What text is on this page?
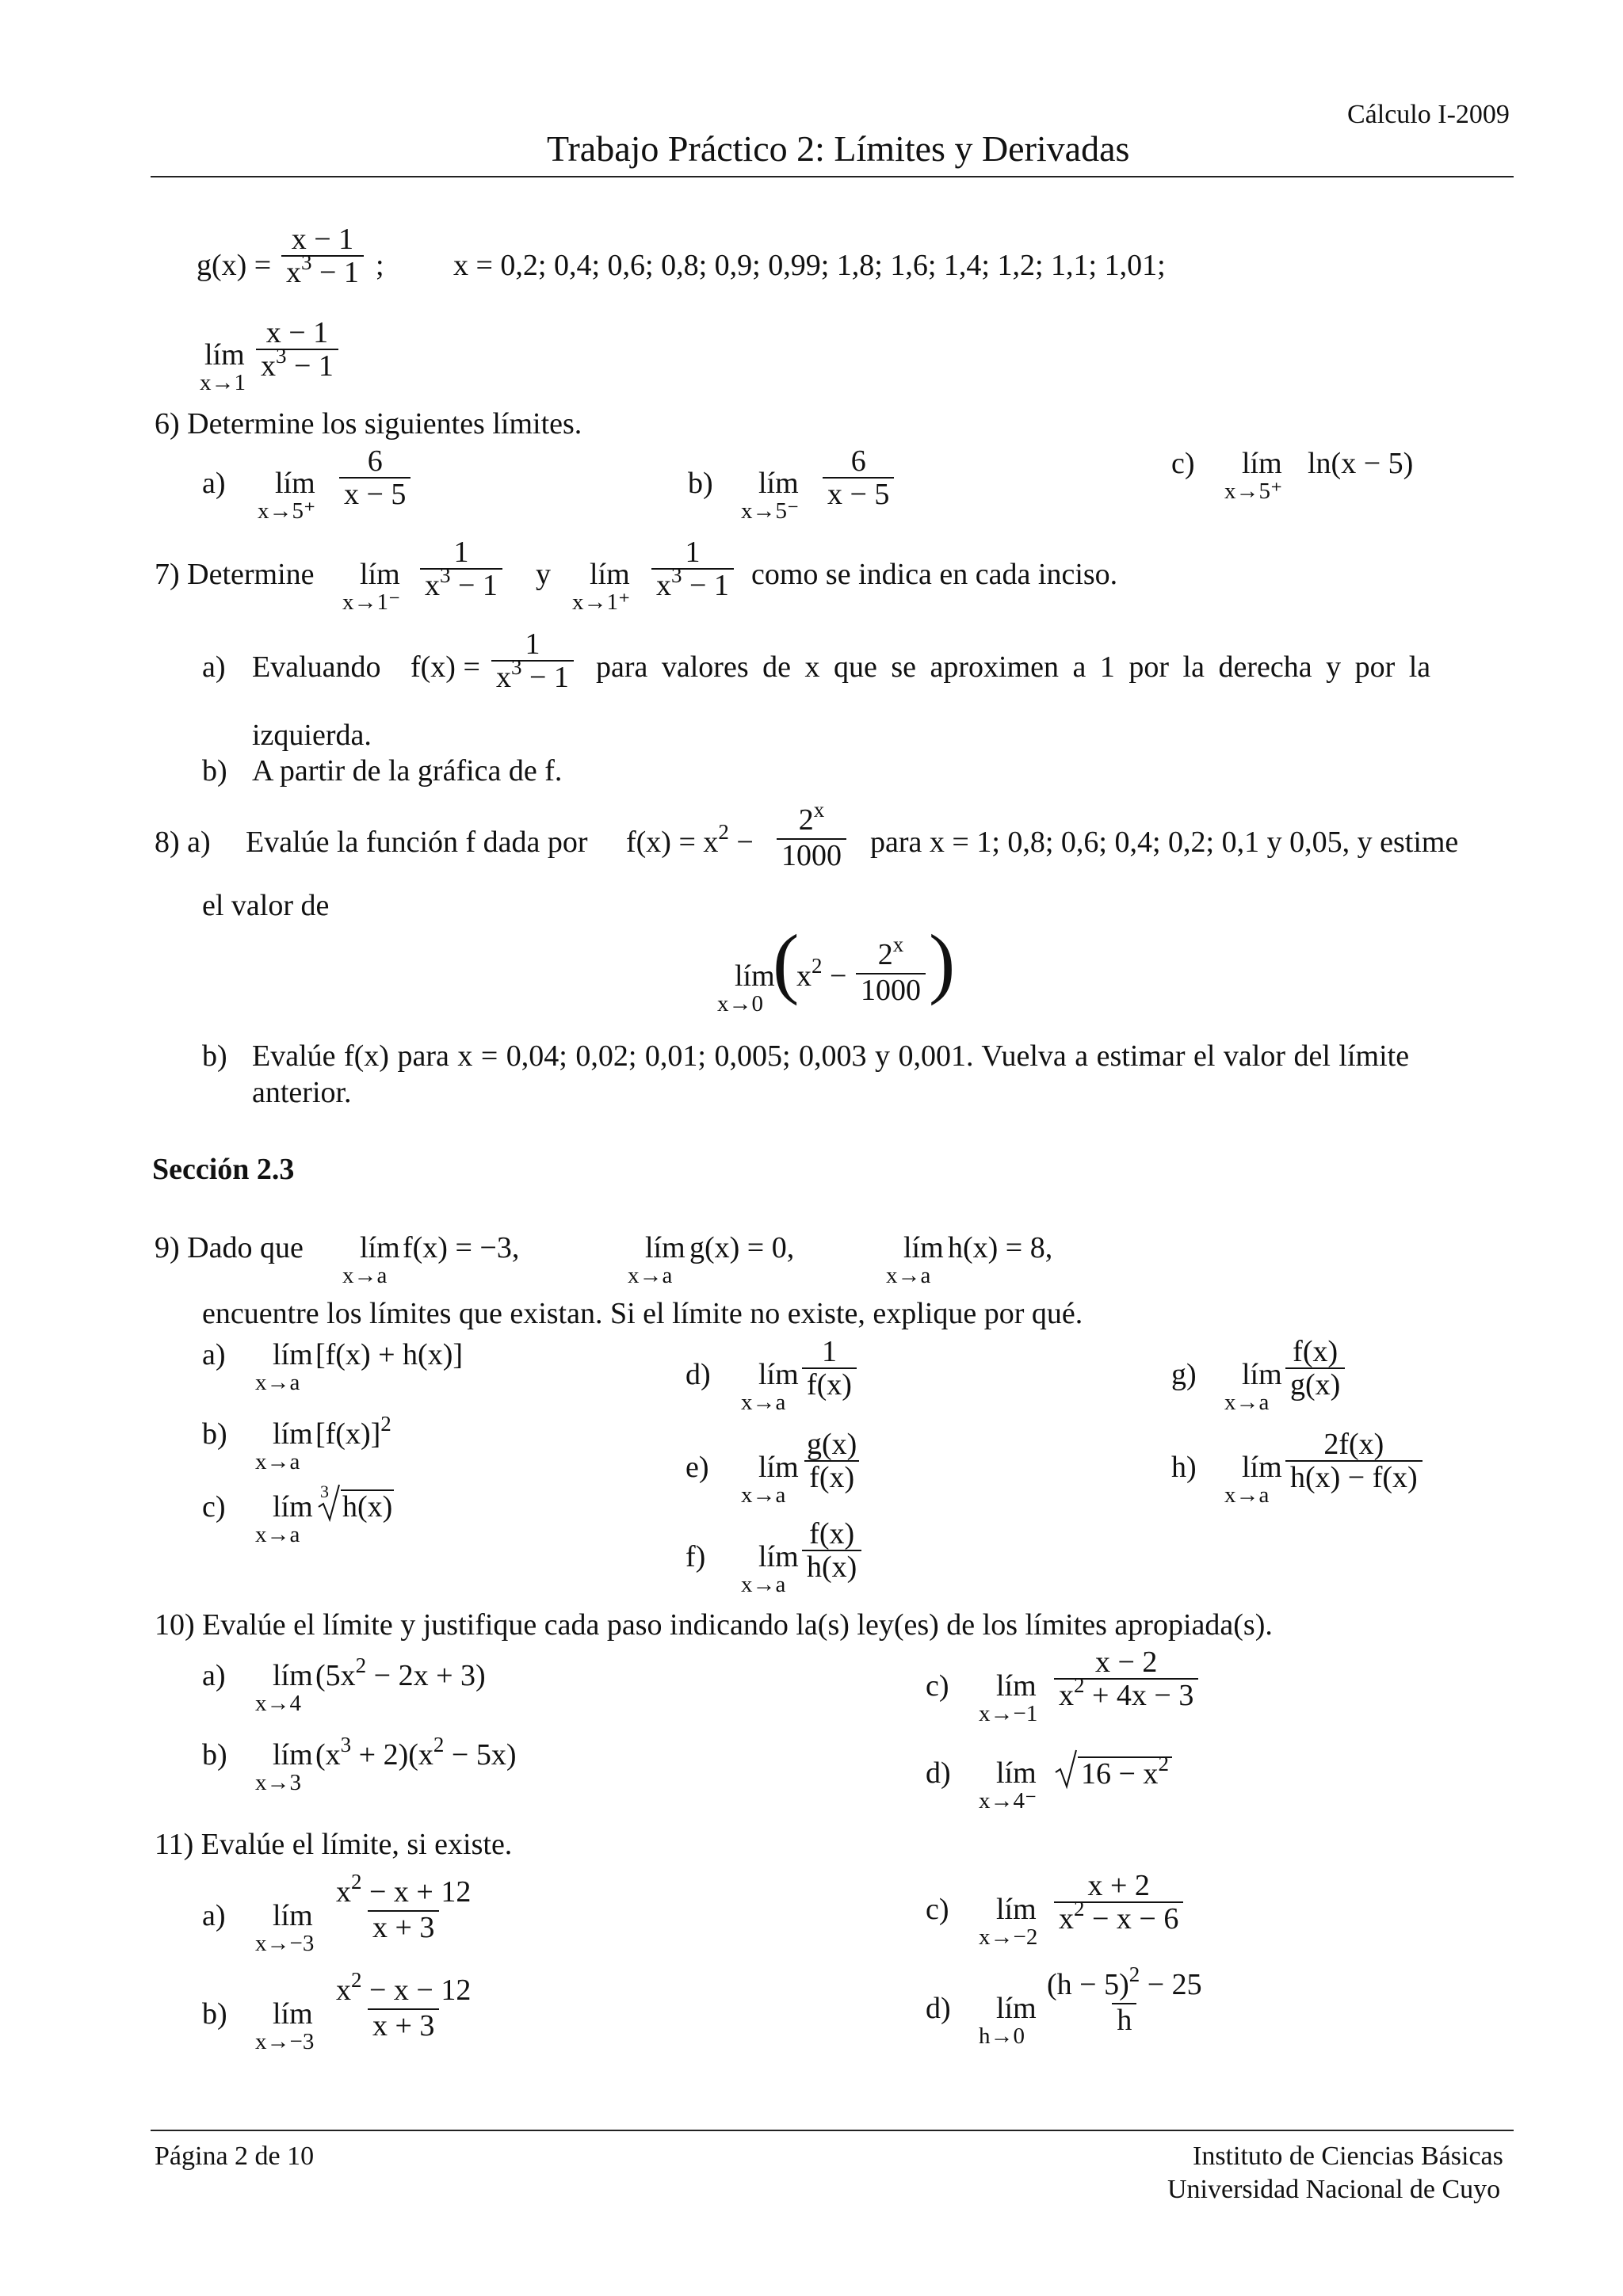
Cálculo I-2009
Trabajo Práctico 2: Límites y Derivadas
$g(x) = \frac{x - 1}{x^3 - 1}$ ; x = 0,2; 0,4; 0,6; 0,8; 0,9; 0,99; 1,8; 1,6; 1,4; 1,2; 1,1; 1,01;
lím
$x\to 1 \frac{x - 1}{x^3 - 1}$
6) Determine los siguientes límites.
a)	lím
x→5⁺
$\frac{6}{x - 5}$	b)	lím
x→5⁻
$\frac{6}{x - 5}$	c)	lím
x→5⁺
ln(x − 5)
7) Determine	lím
$x\to 1^- \frac{1}{x^3 - 1}$ y	lím
$x\to 1^+ \frac{1}{x^3 - 1}$ como se indica en cada inciso.
a) Evaluando $f(x) = \frac{1}{x^3 - 1}$ para valores de x que se aproximen a 1 por la derecha y por la
izquierda.
b) A partir de la gráfica de f.
8) a) Evalúe la función f dada por $f(x) = x^2 - \frac{2^x}{1000}$ para x = 1; 0,8; 0,6; 0,4; 0,2; 0,1 y 0,05, y estime
el valor de
lím
x→0 (
$x^2 - \frac{2^x}{1000}$ )
b) Evalúe f(x) para x = 0,04; 0,02; 0,01; 0,005; 0,003 y 0,001. Vuelva a estimar el valor del límite
anterior.
Sección 2.3
9) Dado que	lím
x→a
f(x) = −3,	lím
x→a
g(x) = 0,	lím
x→a
h(x) = 8,
encuentre los límites que existan. Si el límite no existe, explique por qué.
a)	lím
x→a
[f(x) + h(x)]
b)	lím
x→a
$[f(x)]^2$
c)	lím
x→a
3 h(x)
d)	lím
x→a
$\frac{1}{f(x)}$
e)	lím
x→a
$\frac{g(x)}{f(x)}$
f)	lím
x→a
$\frac{f(x)}{h(x)}$
g)	lím
x→a
$\frac{f(x)}{g(x)}$
h)	lím
x→a
$\frac{2f(x)}{h(x) - f(x)}$
10) Evalúe el límite y justifique cada paso indicando la(s) ley(es) de los límites apropiada(s).
a)	lím
x→4
$(5x^2 - 2x + 3)$
b)	lím
x→3
$(x^3 + 2)(x^2 - 5x)$
c)	lím
$x\to-1 \frac{x - 2}{x^2 + 4x - 3}$
d)	lím
x→4⁻
$16 - x^2$
11) Evalúe el límite, si existe.
a)	lím
$x\to-3 \frac{x^2 - x + 12}{x + 3}$
b)	lím
$x\to-3 \frac{x^2 - x - 12}{x + 3}$
c)	lím
$x\to-2 \frac{x + 2}{x^2 - x - 6}$
d)	lím
$h\to 0 \frac{(h - 5)^2 - 25}{h}$
Página 2 de 10	Instituto de Ciencias Básicas
Universidad Nacional de Cuyo
